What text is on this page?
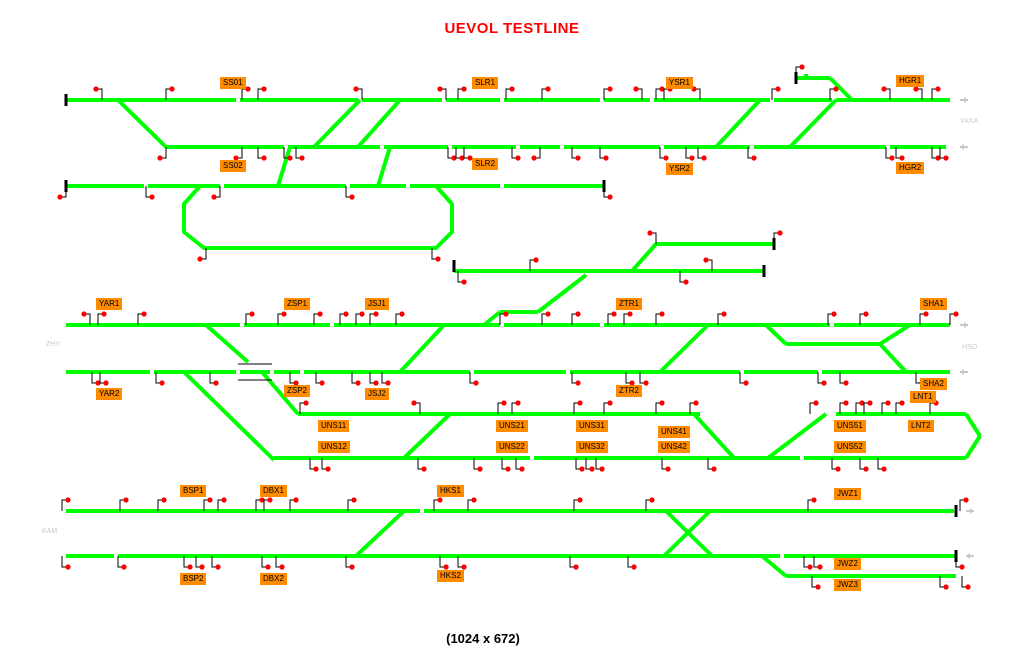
UEVOL TESTLINE
(1024 x 672)
SS01
SS02
SLR1
SLR2
YSR1
YSR2
HGR1
HGR2
YAR1
YAR2
ZSP1
ZSP2
JSJ1
JSJ2
ZTR1
ZTR2
SHA1
SHA2
LNT1
LNT2
UNS11
UNS12
UNS21
UNS22
UNS31
UNS32
UNS41
UNS42
UNS51
UNS52
BSP1
BSP2
DBX1
DBX2
HKS1
HKS2
JWZ1
JWZ2
JWZ3
YAXA
ZHY	HSO
KAM
